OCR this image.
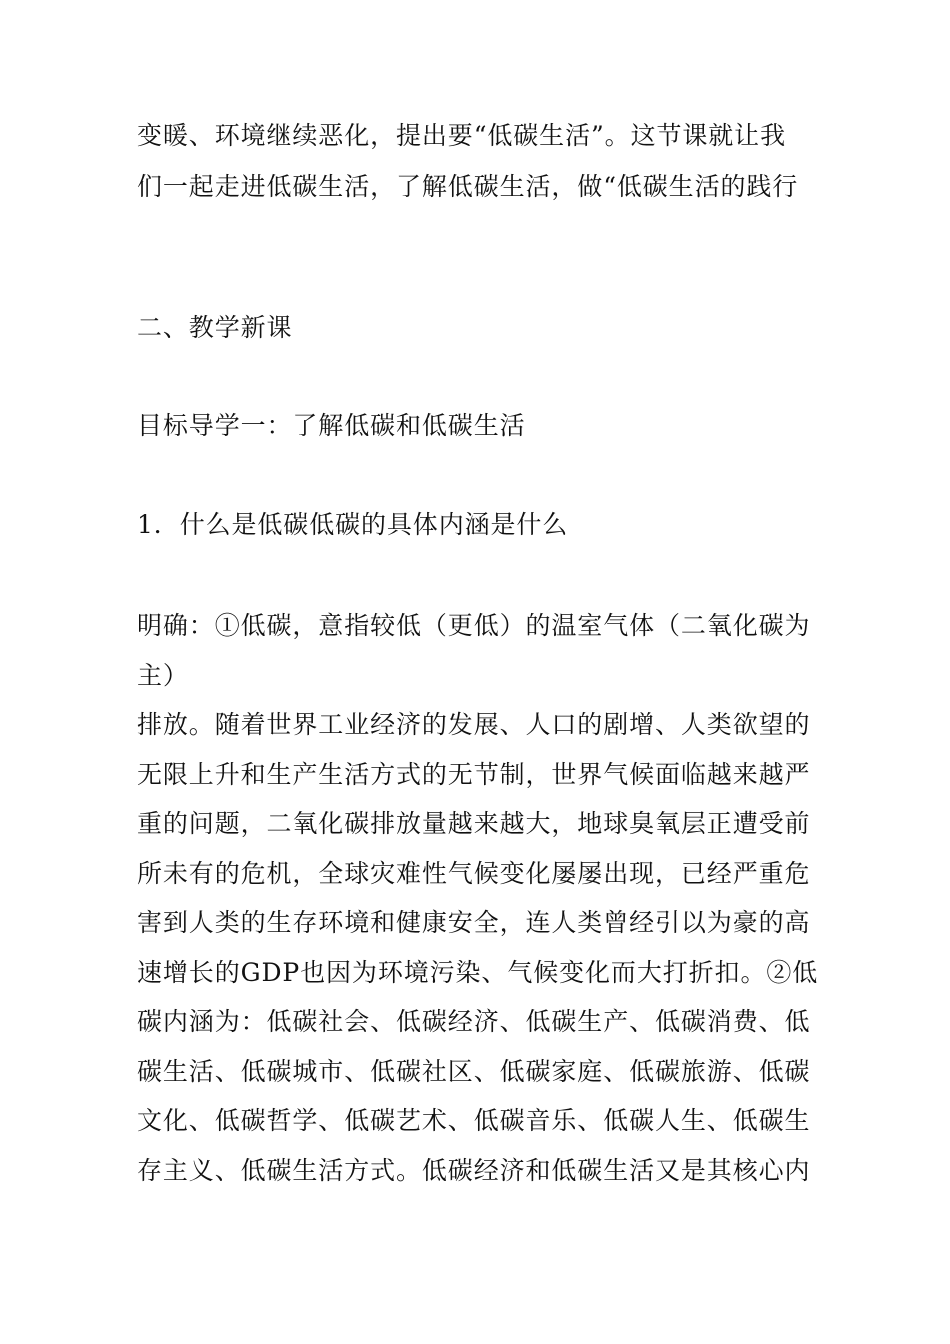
变暖、环境继续恶化，提出要“低碳生活”。这节课就让我
们一起走进低碳生活，了解低碳生活，做“低碳生活的践行
二、教学新课
目标导学一：了解低碳和低碳生活
1．什么是低碳低碳的具体内涵是什么
明确：①低碳，意指较低（更低）的温室气体（二氧化碳为
主）
排放。随着世界工业经济的发展、人口的剧增、人类欲望的
无限上升和生产生活方式的无节制，世界气候面临越来越严
重的问题，二氧化碳排放量越来越大，地球臭氧层正遭受前
所未有的危机，全球灾难性气候变化屡屡出现，已经严重危
害到人类的生存环境和健康安全，连人类曾经引以为豪的高
速增长的GDP也因为环境污染、气候变化而大打折扣。②低
碳内涵为：低碳社会、低碳经济、低碳生产、低碳消费、低
碳生活、低碳城市、低碳社区、低碳家庭、低碳旅游、低碳
文化、低碳哲学、低碳艺术、低碳音乐、低碳人生、低碳生
存主义、低碳生活方式。低碳经济和低碳生活又是其核心内
